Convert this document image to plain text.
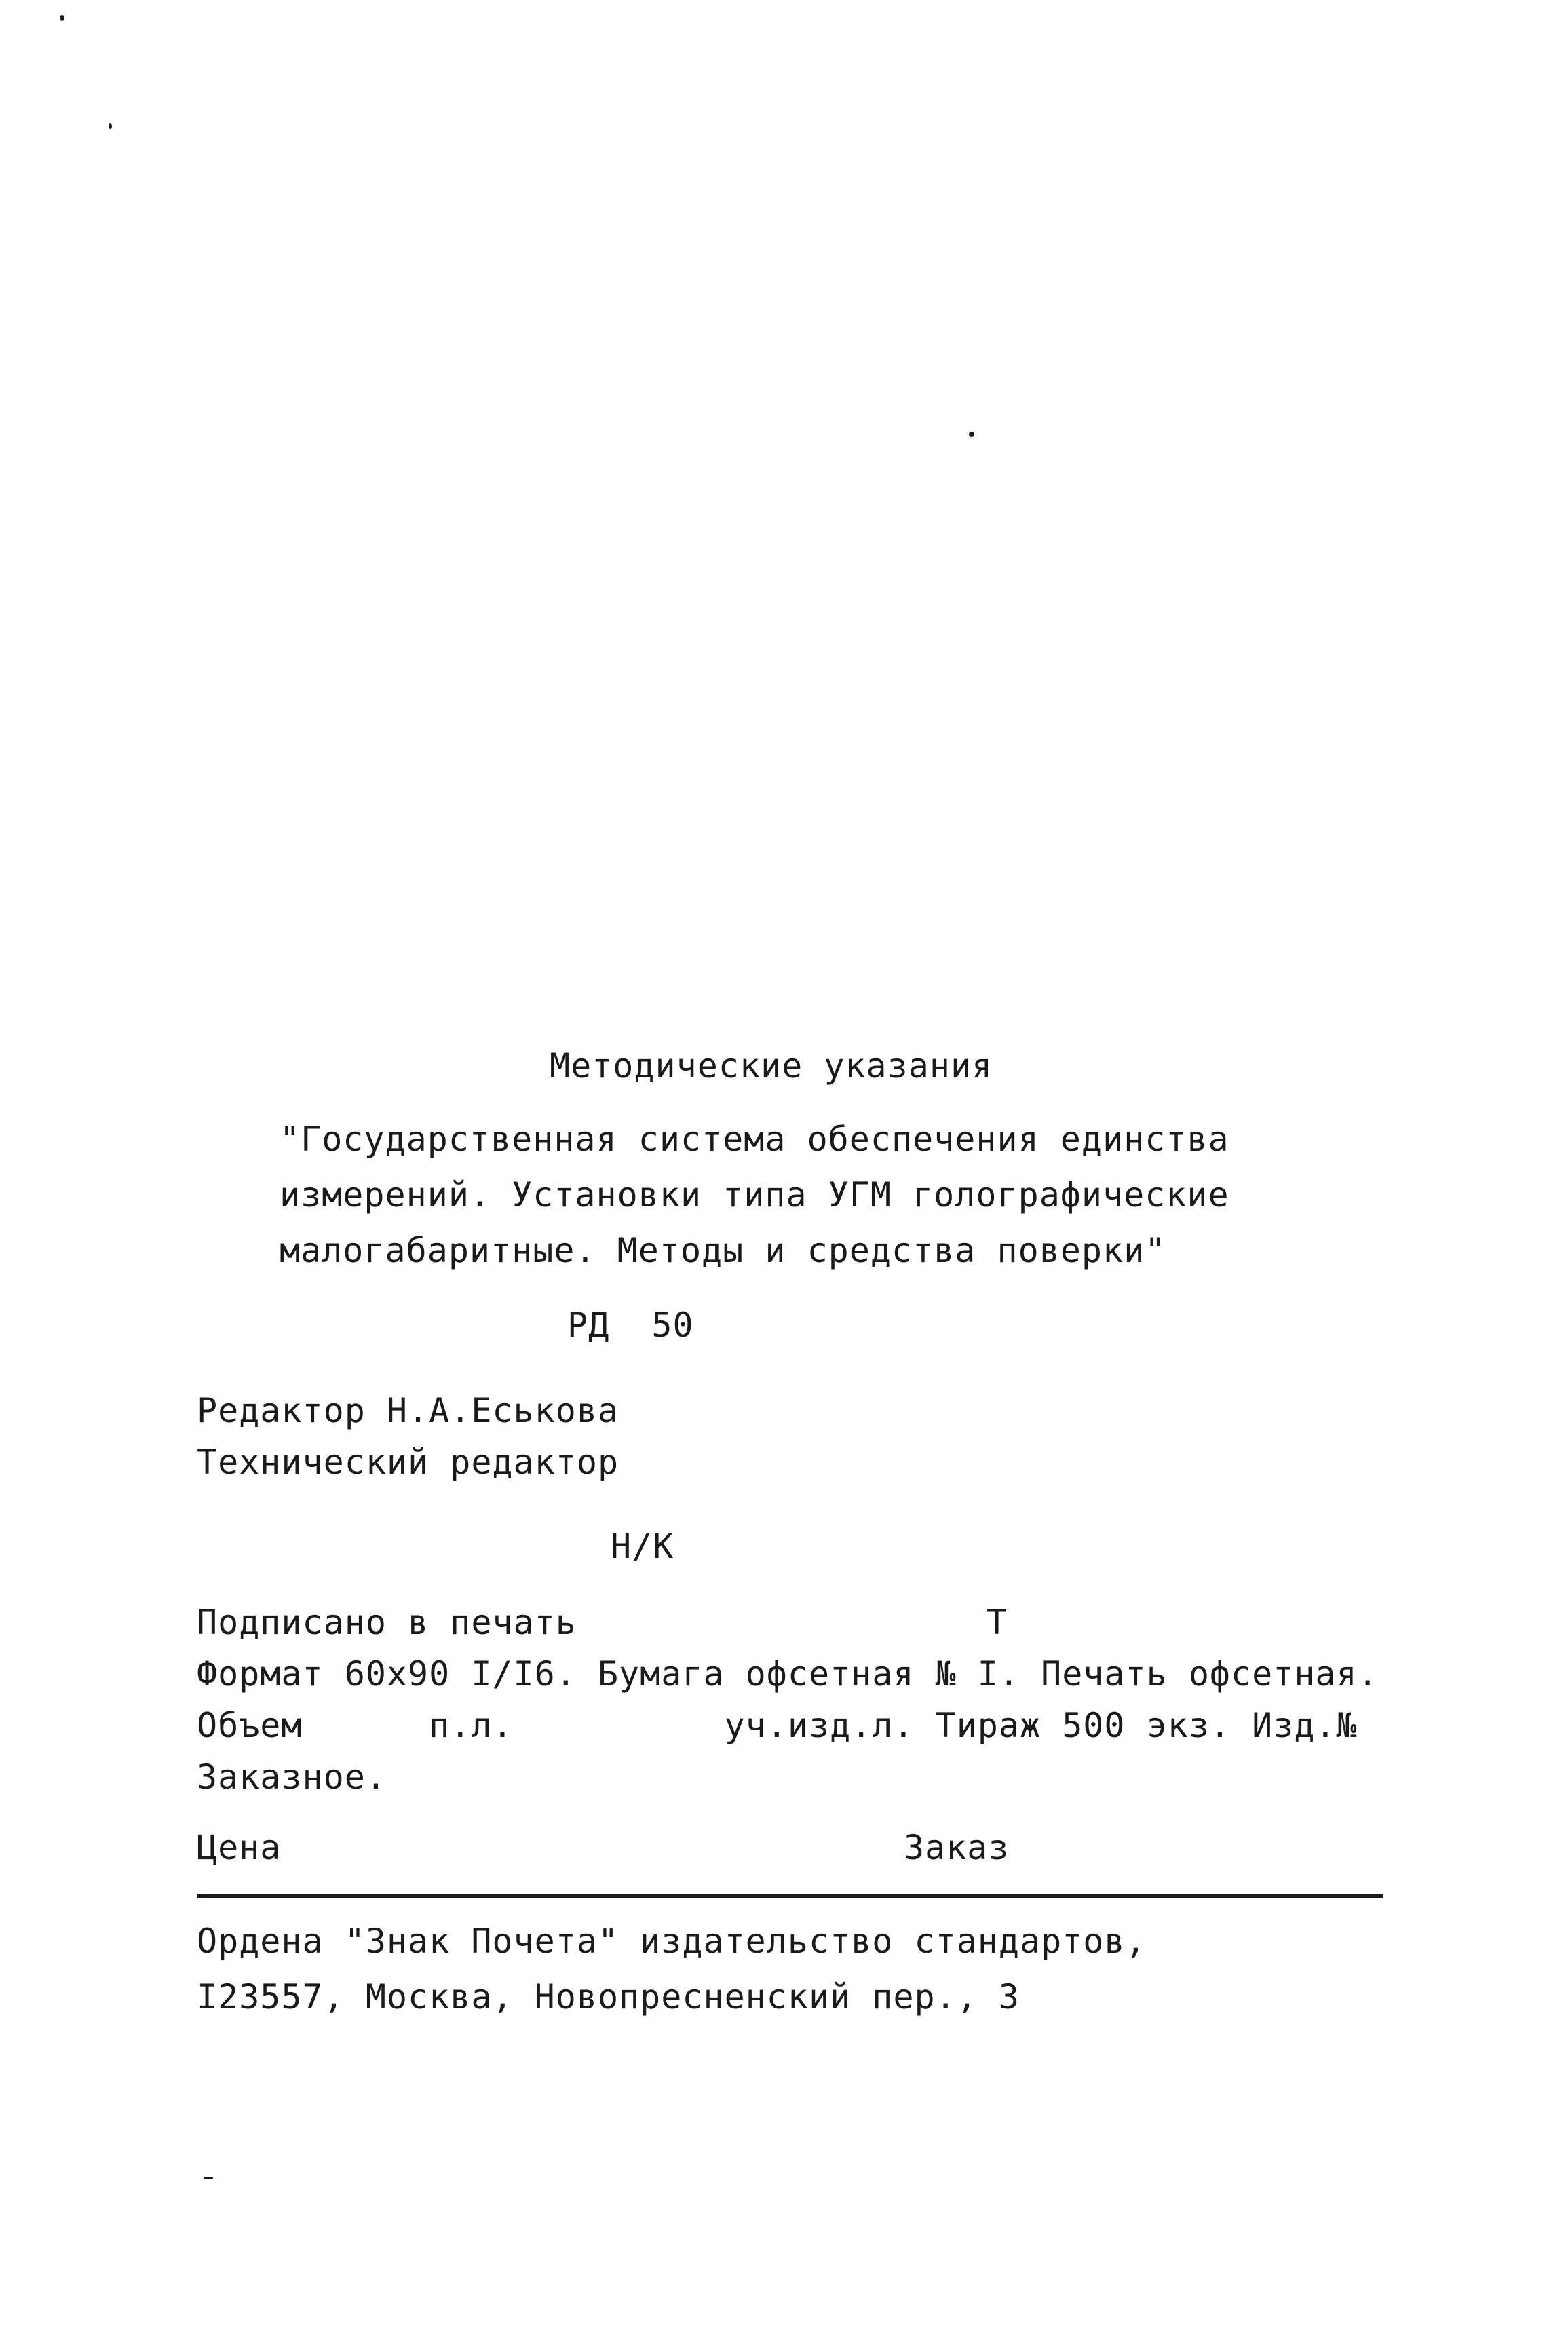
Методические указания
"Государственная система обеспечения единства
измерений. Установки типа УГМ голографические
малогабаритные. Методы и средства поверки"
РД  50
Редактор Н.А.Еськова
Технический редактор
Н/К
Подписано в печать	Т
Формат 60х90 I/I6. Бумага офсетная № I. Печать офсетная.
Объем      п.л.          уч.изд.л. Тираж 500 экз. Изд.№
Заказное.
Цена	Заказ
Ордена "Знак Почета" издательство стандартов,
I23557, Москва, Новопресненский пер., 3
